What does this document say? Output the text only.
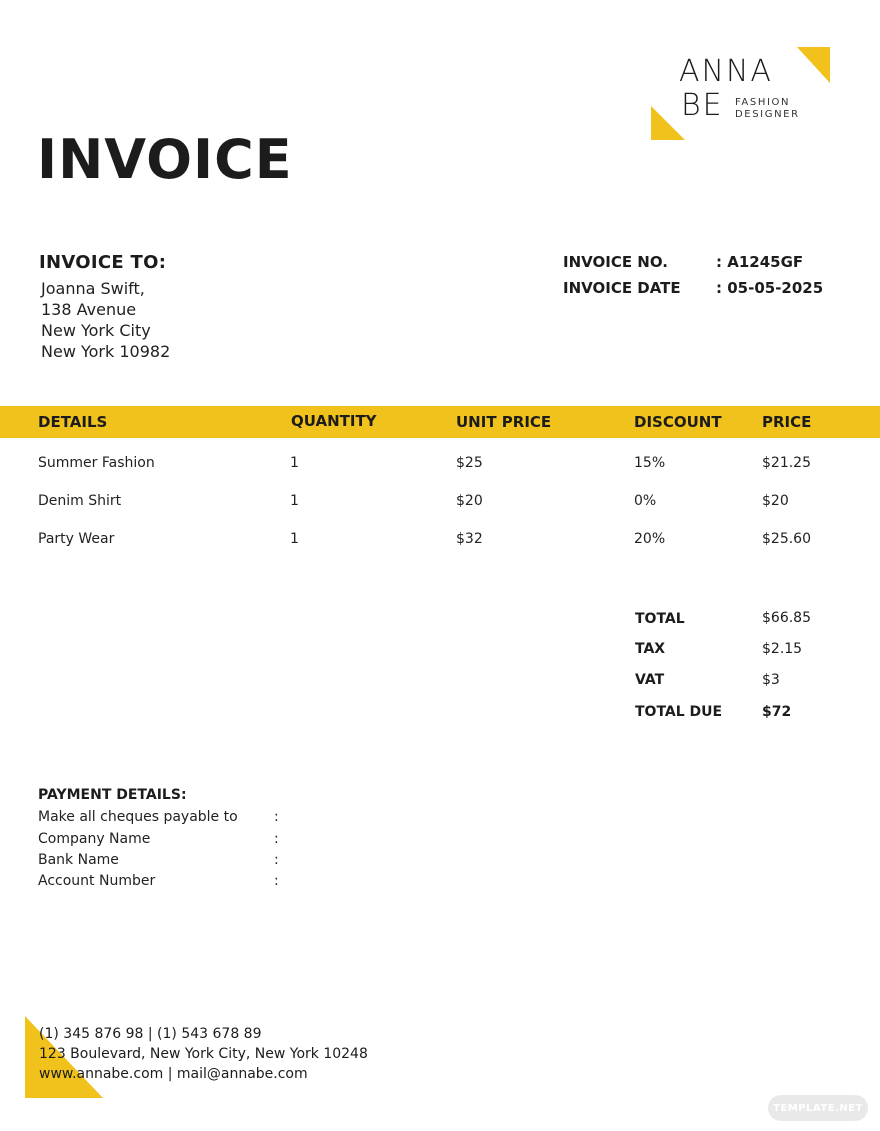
ANNA
BE FASHION
DESIGNER
INVOICE
INVOICE TO:
Joanna Swift,
138 Avenue
New York City
New York 10982
INVOICE NO.	: A1245GF
INVOICE DATE : 05-05-2025
DETAILS	QUANTITY	UNIT PRICE	DISCOUNT	PRICE
Summer Fashion	1	$25	15%	$21.25
Denim Shirt	1	$20	0%	$20
Party Wear	1	$32	20%	$25.60
TOTAL	$66.85
TAX	$2.15
VAT	$3
TOTAL DUE	$72
PAYMENT DETAILS:
Make all cheques payable to	:
Company Name	:
Bank Name	:
Account Number	:
(1) 345 876 98 | (1) 543 678 89
123 Boulevard, New York City, New York 10248
www.annabe.com | mail@annabe.com
TEMPLATE.NET
